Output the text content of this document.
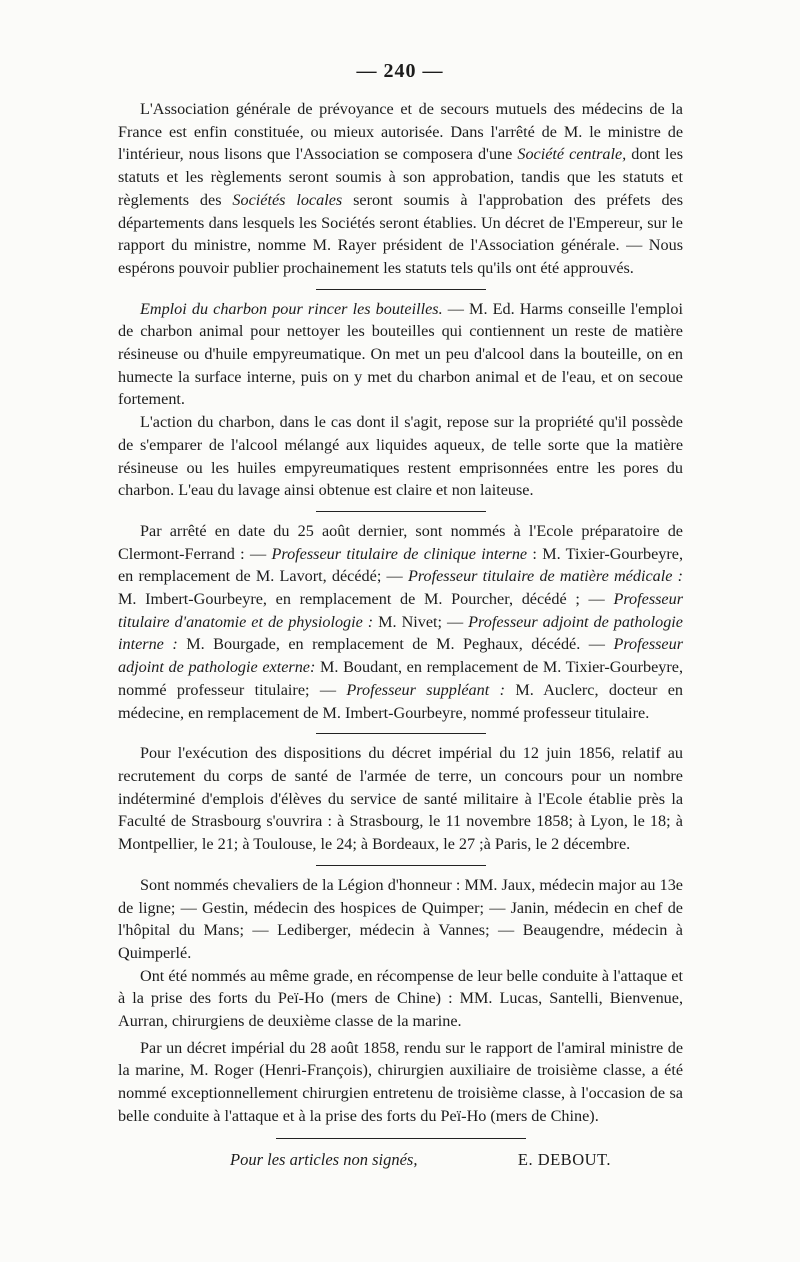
— 240 —

L'Association générale de prévoyance et de secours mutuels des médecins de la France est enfin constituée, ou mieux autorisée. Dans l'arrêté de M. le ministre de l'intérieur, nous lisons que l'Association se composera d'une Société centrale, dont les statuts et les règlements seront soumis à son approbation, tandis que les statuts et règlements des Sociétés locales seront soumis à l'approbation des préfets des départements dans lesquels les Sociétés seront établies. Un décret de l'Empereur, sur le rapport du ministre, nomme M. Rayer président de l'Association générale. — Nous espérons pouvoir publier prochainement les statuts tels qu'ils ont été approuvés.

Emploi du charbon pour rincer les bouteilles. — M. Ed. Harms conseille l'emploi de charbon animal pour nettoyer les bouteilles qui contiennent un reste de matière résineuse ou d'huile empyreumatique. On met un peu d'alcool dans la bouteille, on en humecte la surface interne, puis on y met du charbon animal et de l'eau, et on secoue fortement.

L'action du charbon, dans le cas dont il s'agit, repose sur la propriété qu'il possède de s'emparer de l'alcool mélangé aux liquides aqueux, de telle sorte que la matière résineuse ou les huiles empyreumatiques restent emprisonnées entre les pores du charbon. L'eau du lavage ainsi obtenue est claire et non laiteuse.

Par arrêté en date du 25 août dernier, sont nommés à l'Ecole préparatoire de Clermont-Ferrand : — Professeur titulaire de clinique interne : M. Tixier-Gourbeyre, en remplacement de M. Lavort, décédé; — Professeur titulaire de matière médicale : M. Imbert-Gourbeyre, en remplacement de M. Pourcher, décédé ; — Professeur titulaire d'anatomie et de physiologie : M. Nivet; — Professeur adjoint de pathologie interne : M. Bourgade, en remplacement de M. Peghaux, décédé. — Professeur adjoint de pathologie externe: M. Boudant, en remplacement de M. Tixier-Gourbeyre, nommé professeur titulaire; — Professeur suppléant : M. Auclerc, docteur en médecine, en remplacement de M. Imbert-Gourbeyre, nommé professeur titulaire.

Pour l'exécution des dispositions du décret impérial du 12 juin 1856, relatif au recrutement du corps de santé de l'armée de terre, un concours pour un nombre indéterminé d'emplois d'élèves du service de santé militaire à l'Ecole établie près la Faculté de Strasbourg s'ouvrira : à Strasbourg, le 11 novembre 1858; à Lyon, le 18; à Montpellier, le 21; à Toulouse, le 24; à Bordeaux, le 27 ;à Paris, le 2 décembre.

Sont nommés chevaliers de la Légion d'honneur : MM. Jaux, médecin major au 13e de ligne; — Gestin, médecin des hospices de Quimper; — Janin, médecin en chef de l'hôpital du Mans; — Lediberger, médecin à Vannes; — Beaugendre, médecin à Quimperlé.

Ont été nommés au même grade, en récompense de leur belle conduite à l'attaque et à la prise des forts du Peï-Ho (mers de Chine) : MM. Lucas, Santelli, Bienvenue, Aurran, chirurgiens de deuxième classe de la marine.

Par un décret impérial du 28 août 1858, rendu sur le rapport de l'amiral ministre de la marine, M. Roger (Henri-François), chirurgien auxiliaire de troisième classe, a été nommé exceptionnellement chirurgien entretenu de troisième classe, à l'occasion de sa belle conduite à l'attaque et à la prise des forts du Peï-Ho (mers de Chine).

Pour les articles non signés,	E. DEBOUT.
